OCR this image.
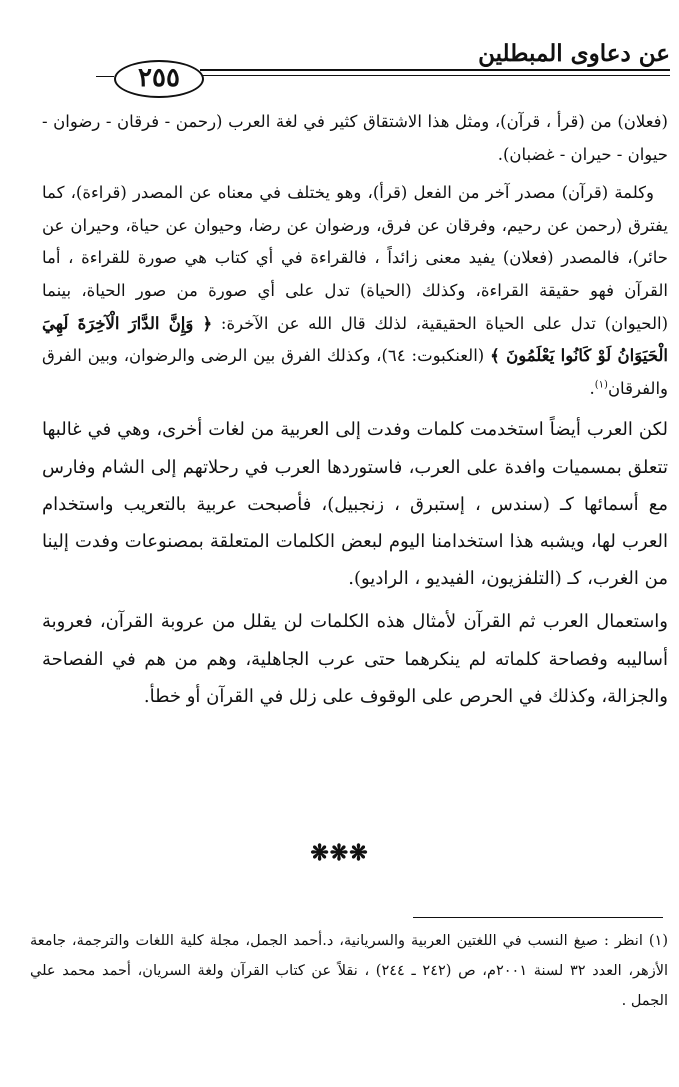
عن دعاوى المبطلين
٢٥٥

(فعلان) من (قرأ ، قرآن)، ومثل هذا الاشتقاق كثير في لغة العرب (رحمن - فرقان - رضوان - حيوان - حيران - غضبان).

وكلمة (قرآن) مصدر آخر من الفعل (قرأ)، وهو يختلف في معناه عن المصدر (قراءة)، كما يفترق (رحمن عن رحيم، وفرقان عن فرق، ورضوان عن رضا، وحيوان عن حياة، وحيران عن حائر)، فالمصدر (فعلان) يفيد معنى زائداً ، فالقراءة في أي كتاب هي صورة للقراءة ، أما القرآن فهو حقيقة القراءة، وكذلك (الحياة) تدل على أي صورة من صور الحياة، بينما (الحيوان) تدل على الحياة الحقيقية، لذلك قال الله عن الآخرة: ﴿ وَإِنَّ الدَّارَ الْآخِرَةَ لَهِيَ الْحَيَوَانُ لَوْ كَانُوا يَعْلَمُونَ ﴾ (العنكبوت: ٦٤)، وكذلك الفرق بين الرضى والرضوان، وبين الفرق والفرقان$^{(١)}$.

لكن العرب أيضاً استخدمت كلمات وفدت إلى العربية من لغات أخرى، وهي في غالبها تتعلق بمسميات وافدة على العرب، فاستوردها العرب في رحلاتهم إلى الشام وفارس مع أسمائها كـ (سندس ، إستبرق ، زنجبيل)، فأصبحت عربية بالتعريب واستخدام العرب لها، ويشبه هذا استخدامنا اليوم لبعض الكلمات المتعلقة بمصنوعات وفدت إلينا من الغرب، كـ (التلفزيون، الفيديو ، الراديو).

واستعمال العرب ثم القرآن لأمثال هذه الكلمات لن يقلل من عروبة القرآن، فعروبة أساليبه وفصاحة كلماته لم ينكرهما حتى عرب الجاهلية، وهم من هم في الفصاحة والجزالة، وكذلك في الحرص على الوقوف على زلل في القرآن أو خطأ.

❋❋❋

(١) انظر : صيغ النسب في اللغتين العربية والسريانية، د.أحمد الجمل، مجلة كلية اللغات والترجمة، جامعة الأزهر، العدد ٣٢ لسنة ٢٠٠١م، ص (٢٤٢ ـ ٢٤٤) ، نقلاً عن كتاب القرآن ولغة السريان، أحمد محمد علي الجمل .
